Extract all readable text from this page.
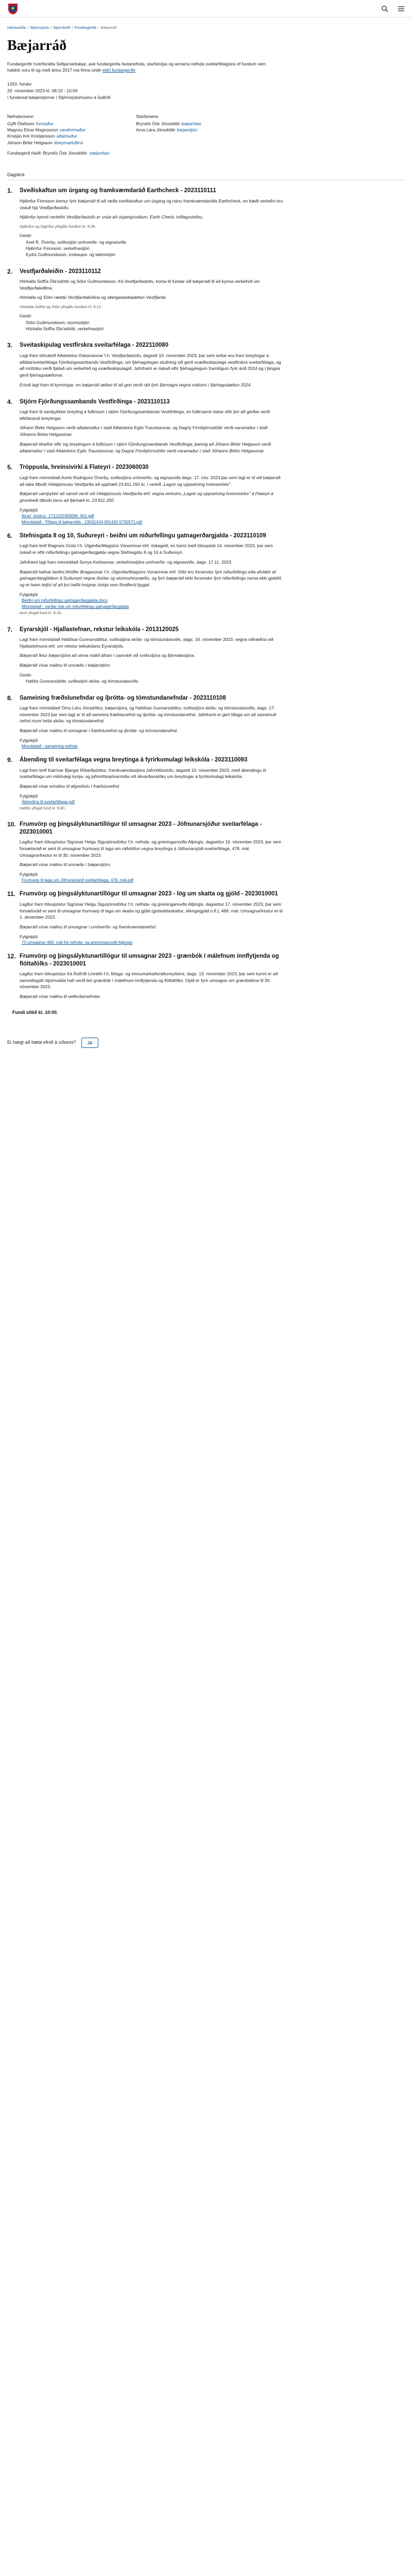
Heimasíða / Stjórnsýsla / Stjórnkerfi / Fundargerðir / Bæjarráð
Bæjarráð

Fundargerðir hverfisráða Seltjarnarbæjar, auk fundargerða fastanefnda, starfshópa og annarra nefnda sveitarfélagsins ef fundum sem haldnir voru til og með árinu 2017 má finna undir eldri fundargerðir

1263. fundur
20. nóvember 2023 kl. 08:10 - 10:00
í fundarsal bæjarstjórnar í Stjórnsýsluhúsinu á Ísafirði
Nefndarmenn
Gylfi Ólafsson formaður
Magnús Einar Magnússon varaformaður
Kristján Þór Kristjánsson aðalmaður
Jóhann Birkir Helgason áheyrnarfulltrúi
Starfsmenn
Bryndís Ósk Jónsdóttir bæjarritari
Arna Lára Jónsdóttir bæjarstjóri
Fundargerð ritaði: Bryndís Ósk Jónsdóttir bæjarritari
Dagskrá
1.	Sveðiskaftun um úrgang og framkvæmdaráð Earthcheck - 2023110111

Hjálmfur Finnsson kemur fyrir bæjarráð til að ræða sveðiskaftun um úrgang og nánu framkvæmdaráðs Earthcheck, en bæði verkefni eru vistuð hjá Vestfjarðastofu.

Hjálmfur kynnti verkefni Vestfjarðastofu er snúa að úrgangsmálum, Earth Check, loftlagsstefnu.

Hjálmfur og Sigríður yfirgáfu fundinn kl. 8:36.

Gestir
Axel R. Överby, sviðsstjóri umhverfis- og eignasviðs
Hjálmfur Finnsson, verkefnastjóri
Eydís Guðmundsson, innkaupa- og tæknistjóri
2.	Vestfjarðaleiðin - 2023110112

Hörkatla Soffía Óla'sdóttir og Sölvi Guðmundsson, frá Vestfjarðastofu, koma til fundar við bæjarráð til að kynna verkefnið um Vestfjarðaleiðina.

Hörkatla og Sölvi ræddu Vestfjarðaleiðina og afangastaðaáætlun Vestfjarða.

Hörkatla Soffía og Sölvi yfirgáfu fundinn kl. 9:12.

Gestir
Sölvi Guðmundsson, teymisstjóri
Hörkatla Soffía Óla'sdóttir, verkefnastjóri
3.	Sveitaskipulag vestfirskra sveitarfélaga - 2022110080

Lagt fram tölvubréf Aðalsteins Óskarssonar f.h. Vestfjarðastofu, dagsett 10. nóvember 2023, þar sem settar eru fram breytingar á aðildarsveitarfélaga Fjórðungssambands Vestfirðinga, um fjárhagslegan stuðning við gerð svæðisskipulags vestfirskra sveitarfélaga, og að móttöku verði fjallað um verkefnið og svæðisskipulagið. Jafnframt er óskað eftir fjárhagslegum framlögum fyrir árið 2024 og í þingsá gerð fjárhagsáætlunar.

Erindi lagt fram til kynningar, en bæjarráð ætlast til að gert verði ráð fyrir fjármagni vegna málsins í fjárhagsáætlun 2024.

4.	Stjórn Fjórðungssambands Vestfirðinga - 2023110113

Lagt fram til samþykktar breyting á fulltrúum í stjórn Fjórðungssambands Vestfirðinga, en fulltrúarnir óskar eftir því að gerðar verði eftirfarandi breytingar.

Jóhann Birkir Helgason verði aðalamaður í stað Aðalsteins Egils Traustasonar, og Dagný Finnbjörnsdóttir verði varamaður í stað Jóhanns Birkis Helgasonar.

Bæjarráð tilnefnir eftir sig breytingum á fulltrúum í stjórn Fjórðungssambands Vestfirðinga, þannig að Jóhann Birkir Helgason verði aðalamaður í stað Aðalsteins Egils Traustasonar, og Dagný Finnbjörnsdóttir verði varamaður í stað Jóhanns Birkis Helgasonar.

5.	Tröppusla, hreinsivirki á Flateyri - 2023060030

Lagt fram minnisblað Axels Rodriguez Överby, sviðsstjóra umhverfis- og eignasviðs dags. 17. nóv. 2023 þar sem lagt er til við bæjarráð að taka tilboði Vélaþjónustu Vestfjarða að upphæð 23.811.250 kr. í verkið „Lagnir og uppsetning hreinsivirkis".

Bæjarráð samþykkir að samið verði við Vélaþjónustu Vestfjarða ehf. vegna verksins „Lagnir og uppsetning hreinsivirkis" á Flateyri á grundvelli tilboðs þess að fjárhæð kr. 23.811.250.

Fylgiskjöl
Íbrarí_kostrur_1711202300096_001.pdf
Minnisblað - Tilfaga til bæjarráðs - 23031424-001420 5700571.pdf
6.	Stefnisgata 8 og 10, Suðureyri - beiðni um niðurfellingu gatnagerðargjalda - 2023110109

Lagt fram bréf Ragnars Gísla f.h. Útgerðarfélagsins Vonarinnar ehf. óskageill, en barst með tölvupósti 14. nóvember 2023, þar sem óskað er eftir niðurfellingu gatnagerðargjalda vegna Stefnisgötu 8 og 10 á Suðureyri.

Jafnframt lagt fram minnisblað Sonya Karlssonar, verkefnisstjóra umhverfis- og eignasviðs, dags. 17.11. 2023.

Bæjarráð hafnar beiðni Ahölfer Bragasonar f.h. Útgerðarfélagsins Vonarinnar ehf. Slíkt eru forsendur fyrir niðurfellingu eða afsláttir af gatnagerðargjöldum á Suðureyri vegna íbúðar og atvinnuhúsnæðis, og fyrir bæjarráð ekki forsendur fyrir niðurfellingu nema ekki gjaldið, og er hann teljist af að því hafði hnignar óskipi sem föndferöl þygjal.

Fylgiskjöl
Beiðni um niðurfellingu gatnagerðargjalda.docx
Minnisblað - varðar ósk um niðurfellingu gatnagerðargjalda

Axel yfirgaf fund kl. 9:18.

7.	Eyrarskjól - Hjallastefnan, rekstur leikskóla - 2013120025

Lagt fram minnisblað Hafdísar Gunnarsdóttur, sviðsstjóra skóla- og tómstundasviðs, dags. 16. nóvember 2023, vegna viðræðna við Hjallastefnuna ehf. um rekstur leikskólans Eyrarskjóls.

Bæjarráð felur bæjarstjóra að vinna málið áfram í samráði við sviðsstjóra og fjármálastjóra.

Bæjarráð vísar málinu til umræðu í bæjarstjórn.

Gestir
Hafdís Gunnarsdóttir, sviðsstjóri skóla- og tómstundasviðs
8.	Sameining fræðslunefndar og íþrótta- og tómstundanefndar - 2023110108

Lagt fram minnisblað Örnu Láru Jónsdóttur, bæjarstjóra, og Hafdísar Gunnarsdóttur, sviðsstjóra skóla- og tómstundasviðs, dags. 17. nóvember 2023 þar sem lagt er til að sameina fræðslunefnd og íþrótta- og tómstundanefnd. Jafnframt er gert tillaga um að sameinuð nefnd muni heita skóla- og tómstundanefnd.

Bæjarráð vísar málinu til umsagnar í fræðslunefnd og íþrótta- og tómstundanefnd.

Fylgiskjöl
Minnisblað - sameining nefnda
9.	Ábending til sveitarfélaga vegna breytinga á fyrirkomulagi leikskóla - 2023110093

Lagt fram bréf Katrínar Bjargar Ríkarðsdóttur, framkvæmdastjóra Jafnréttisstofu, dagsett 10. nóvember 2023, með ábendingu til sveitarfélaga um mikilvægi kynja- og jafnréttissjónarmiða við ákvarðanatöku um breytingar á fyrirkomulagi leikskóla.

Bæjarráð vísar erindinu til afgreiðslu í fræðslunefnd.

Fylgiskjöl
Ábending til sveitarfélaga.pdf

Hafdís yfirgaf fund kl. 9:40.

10. Frumvörp og þingsályktunartillögur til umsagnar 2023 - Jöfnunarsjóður sveitarfélaga - 2023010001

Lagður fram tölvupóstur Sigrúnar Helgu Sigurjónsdóttur f.h. nefnda- og greiningarsviðs Alþingis, dagsettur 16. nóvember 2023, þar sem forsætisráð er sent til umsagnar frumvarp til laga um ráðstöfun vegna breytinga á Jöfnunarsjóði sveitarfélaga, 478. mál. Umsagnarfrestur er til 30. nóvember 2023.

Bæjarráð vísar málinu til umræðu í bæjarstjórn.

Fylgiskjöl
Frumvarp til laga um Jöfnunarsjóð sveitarfélaga, 478. mál.pdf
11. Frumvörp og þingsályktunartillögur til umsagnar 2023 - lög um skatta og gjöld - 2023010001

Lagður fram tölvupóstur Sigrúnar Helgu Sigurjónsdóttur f.h. nefnda- og greiningarsviðs Alþingis, dagsettur 17. nóvember 2023, þar sem forsætisráð er sent til umsagnar frumvarp til laga um skatta og gjöld (gistináttaskattur, áfengisgjald o.fl.), 466. mál. Umsagnarfrestur er til 1. desember 2023.

Bæjarráð vísar málinu til umsagnar í umhverfis- og framkvæmdanefnd.

Fylgiskjöl
73 umsagnar 466. mál frá nefnda- og greiningarsviði Alþingis
12. Frumvörp og þingsályktunartillögur til umsagnar 2023 - grænbók í málefnum innflytjenda og flóttafólks - 2023010001

Lagður fram tölvupóstur frá Ástfríði Linnéth f.h. félags- og vinnumarkaðsráðuneytisins, dags. 13. nóvember 2023, þar sem kynnt er að samráðsgátt stjórnvalda hafi verið birt grænbók í málefnum innflytjenda og flóttafólks. Opið er fyrir umsagnir um grænbókina til 30. nóvember 2023.

Bæjarráð vísar málinu til velferðarnefndar.

Fundi slitið kl. 10:00.
Er hægt að bæta efnið á síðunni?	Já
